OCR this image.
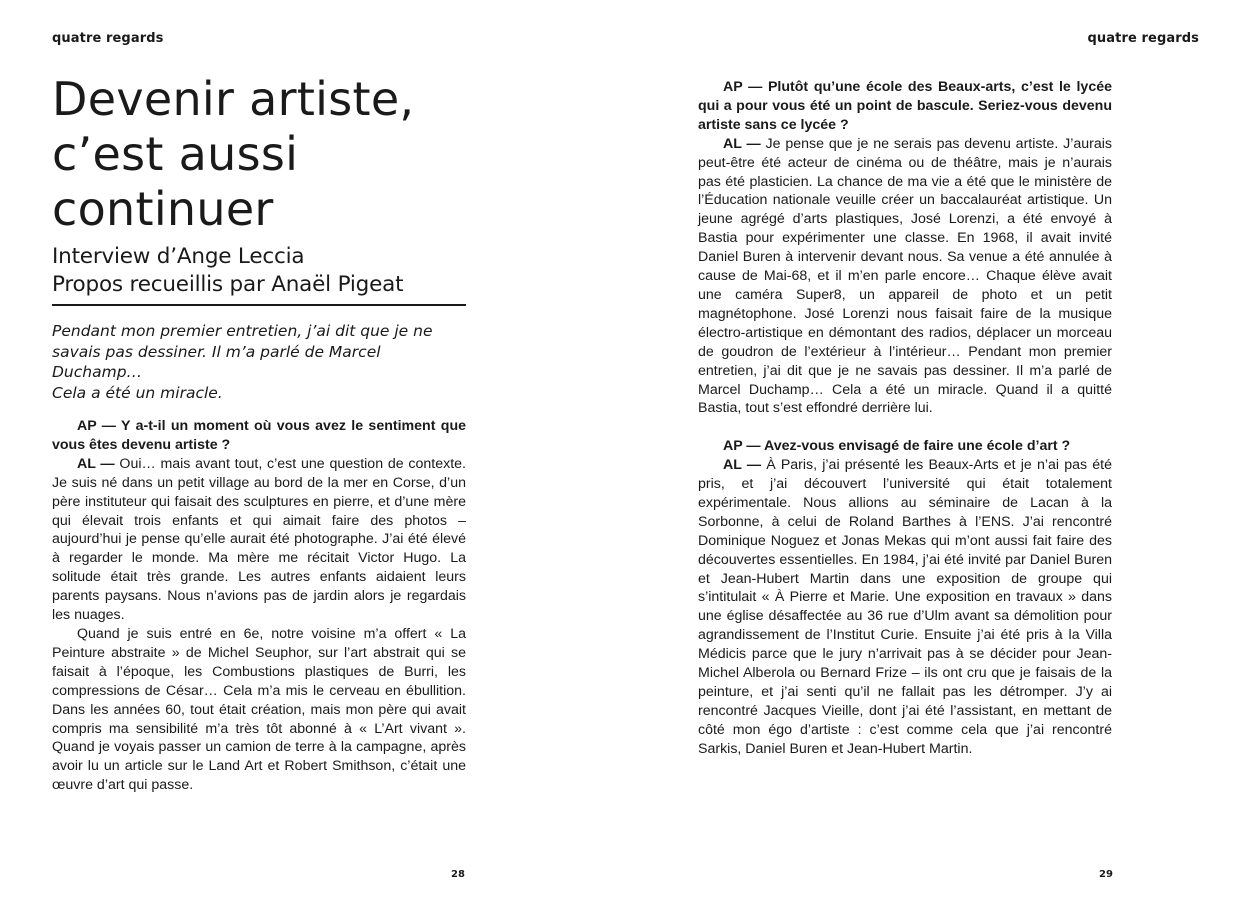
quatre regards
Devenir artiste,
c’est aussi
continuer
Interview d’Ange Leccia
Propos recueillis par Anaël Pigeat

Pendant mon premier entretien, j’ai dit que je ne
savais pas dessiner. Il m’a parlé de Marcel Duchamp…
Cela a été un miracle.

AP — Y a-t-il un moment où vous avez le sentiment que vous êtes devenu artiste ?

AL — Oui… mais avant tout, c’est une question de contexte. Je suis né dans un petit village au bord de la mer en Corse, d’un père instituteur qui faisait des sculptures en pierre, et d’une mère qui élevait trois enfants et qui aimait faire des photos – aujourd’hui je pense qu’elle aurait été photographe. J’ai été élevé à regarder le monde. Ma mère me récitait Victor Hugo. La solitude était très grande. Les autres enfants aidaient leurs parents paysans. Nous n’avions pas de jardin alors je regardais les nuages.

Quand je suis entré en 6e, notre voisine m’a offert « La Peinture abstraite » de Michel Seuphor, sur l’art abstrait qui se faisait à l’époque, les Combustions plastiques de Burri, les compressions de César… Cela m’a mis le cerveau en ébullition. Dans les années 60, tout était création, mais mon père qui avait compris ma sensibilité m’a très tôt abonné à « L’Art vivant ». Quand je voyais passer un camion de terre à la campagne, après avoir lu un article sur le Land Art et Robert Smithson, c’était une œuvre d’art qui passe.

28
quatre regards

AP — Plutôt qu’une école des Beaux-arts, c’est le lycée qui a pour vous été un point de bascule. Seriez-vous devenu artiste sans ce lycée ?

AL — Je pense que je ne serais pas devenu artiste. J’aurais peut-être été acteur de cinéma ou de théâtre, mais je n’aurais pas été plasticien. La chance de ma vie a été que le ministère de l’Éducation nationale veuille créer un baccalauréat artistique. Un jeune agrégé d’arts plastiques, José Lorenzi, a été envoyé à Bastia pour expérimenter une classe. En 1968, il avait invité Daniel Buren à intervenir devant nous. Sa venue a été annulée à cause de Mai-68, et il m’en parle encore… Chaque élève avait une caméra Super8, un appareil de photo et un petit magnétophone. José Lorenzi nous faisait faire de la musique électro-artistique en démontant des radios, déplacer un morceau de goudron de l’extérieur à l’intérieur… Pendant mon premier entretien, j’ai dit que je ne savais pas dessiner. Il m’a parlé de Marcel Duchamp… Cela a été un miracle. Quand il a quitté Bastia, tout s’est effondré derrière lui.

AP — Avez-vous envisagé de faire une école d’art ?

AL — À Paris, j’ai présenté les Beaux-Arts et je n’ai pas été pris, et j’ai découvert l’université qui était totalement expérimentale. Nous allions au séminaire de Lacan à la Sorbonne, à celui de Roland Barthes à l’ENS. J’ai rencontré Dominique Noguez et Jonas Mekas qui m’ont aussi fait faire des découvertes essentielles. En 1984, j’ai été invité par Daniel Buren et Jean-Hubert Martin dans une exposition de groupe qui s’intitulait « À Pierre et Marie. Une exposition en travaux » dans une église désaffectée au 36 rue d’Ulm avant sa démolition pour agrandissement de l’Institut Curie. Ensuite j’ai été pris à la Villa Médicis parce que le jury n’arrivait pas à se décider pour Jean-Michel Alberola ou Bernard Frize – ils ont cru que je faisais de la peinture, et j’ai senti qu’il ne fallait pas les détromper. J’y ai rencontré Jacques Vieille, dont j’ai été l’assistant, en mettant de côté mon égo d’artiste : c’est comme cela que j’ai rencontré Sarkis, Daniel Buren et Jean-Hubert Martin.

29
